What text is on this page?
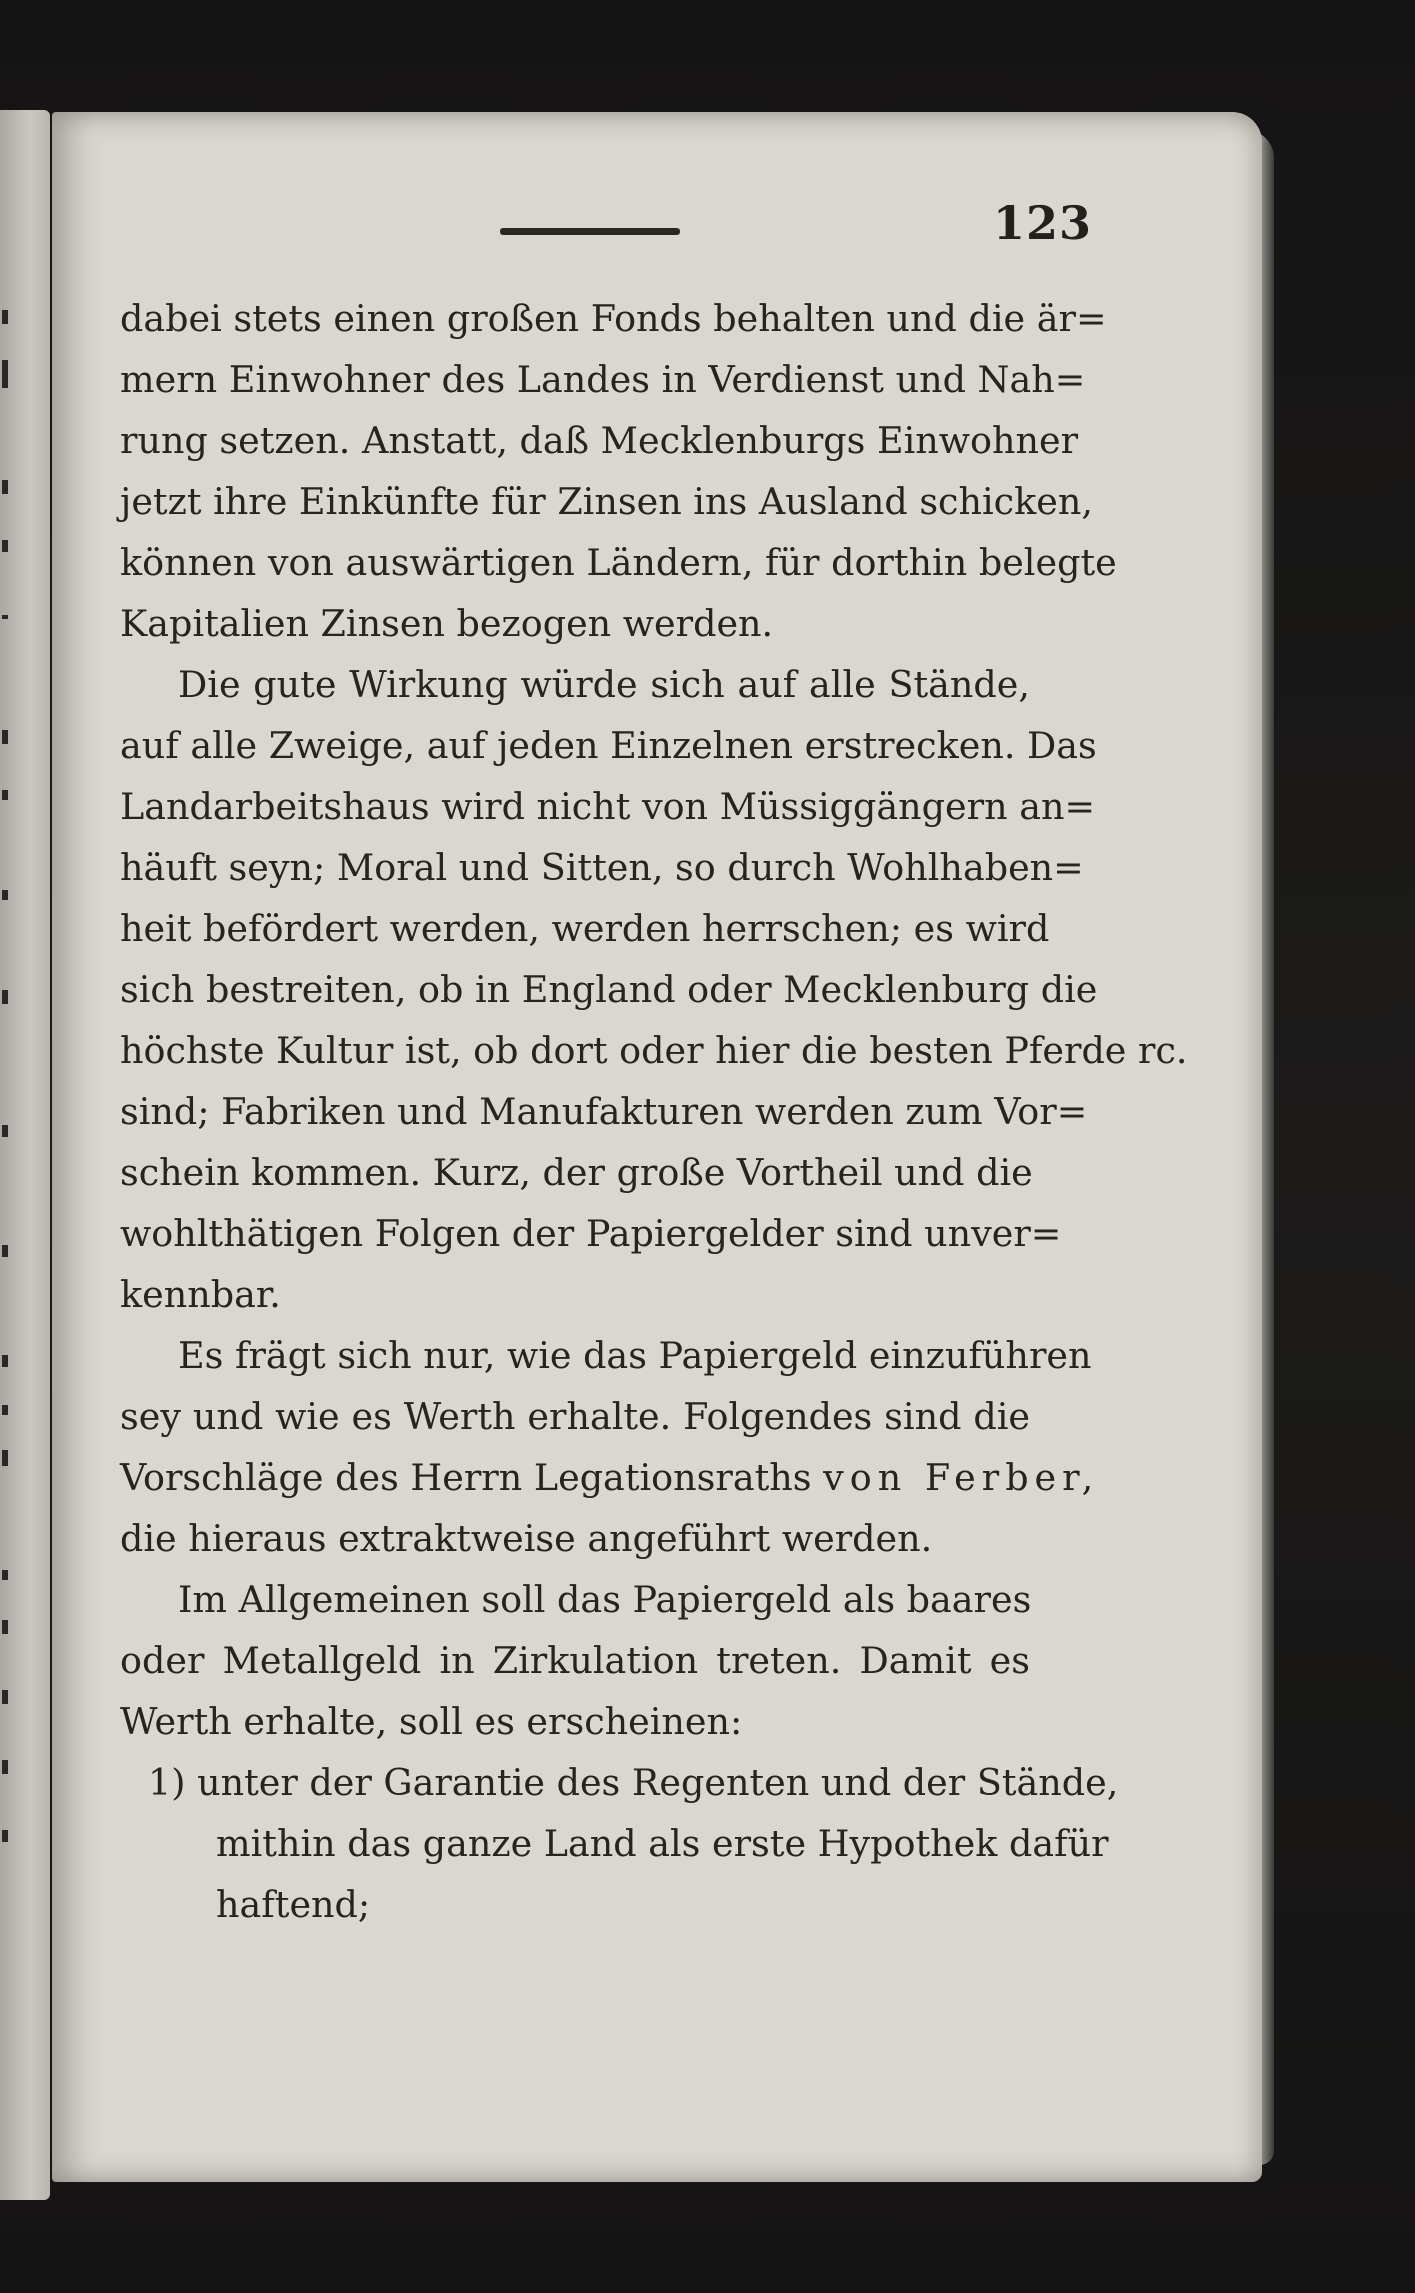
123
dabei stets einen großen Fonds behalten und die är=
mern Einwohner des Landes in Verdienst und Nah=
rung setzen. Anstatt, daß Mecklenburgs Einwohner
jetzt ihre Einkünfte für Zinsen ins Ausland schicken,
können von auswärtigen Ländern, für dorthin belegte
Kapitalien Zinsen bezogen werden.
Die gute Wirkung würde sich auf alle Stände,
auf alle Zweige, auf jeden Einzelnen erstrecken. Das
Landarbeitshaus wird nicht von Müssiggängern an=
häuft seyn; Moral und Sitten, so durch Wohlhaben=
heit befördert werden, werden herrschen; es wird
sich bestreiten, ob in England oder Mecklenburg die
höchste Kultur ist, ob dort oder hier die besten Pferde rc.
sind; Fabriken und Manufakturen werden zum Vor=
schein kommen. Kurz, der große Vortheil und die
wohlthätigen Folgen der Papiergelder sind unver=
kennbar.
Es frägt sich nur, wie das Papiergeld einzuführen
sey und wie es Werth erhalte. Folgendes sind die
Vorschläge des Herrn Legationsraths von Ferber,
die hieraus extraktweise angeführt werden.
Im Allgemeinen soll das Papiergeld als baares
oder Metallgeld in Zirkulation treten. Damit es
Werth erhalte, soll es erscheinen:
1) unter der Garantie des Regenten und der Stände,
mithin das ganze Land als erste Hypothek dafür
haftend;
